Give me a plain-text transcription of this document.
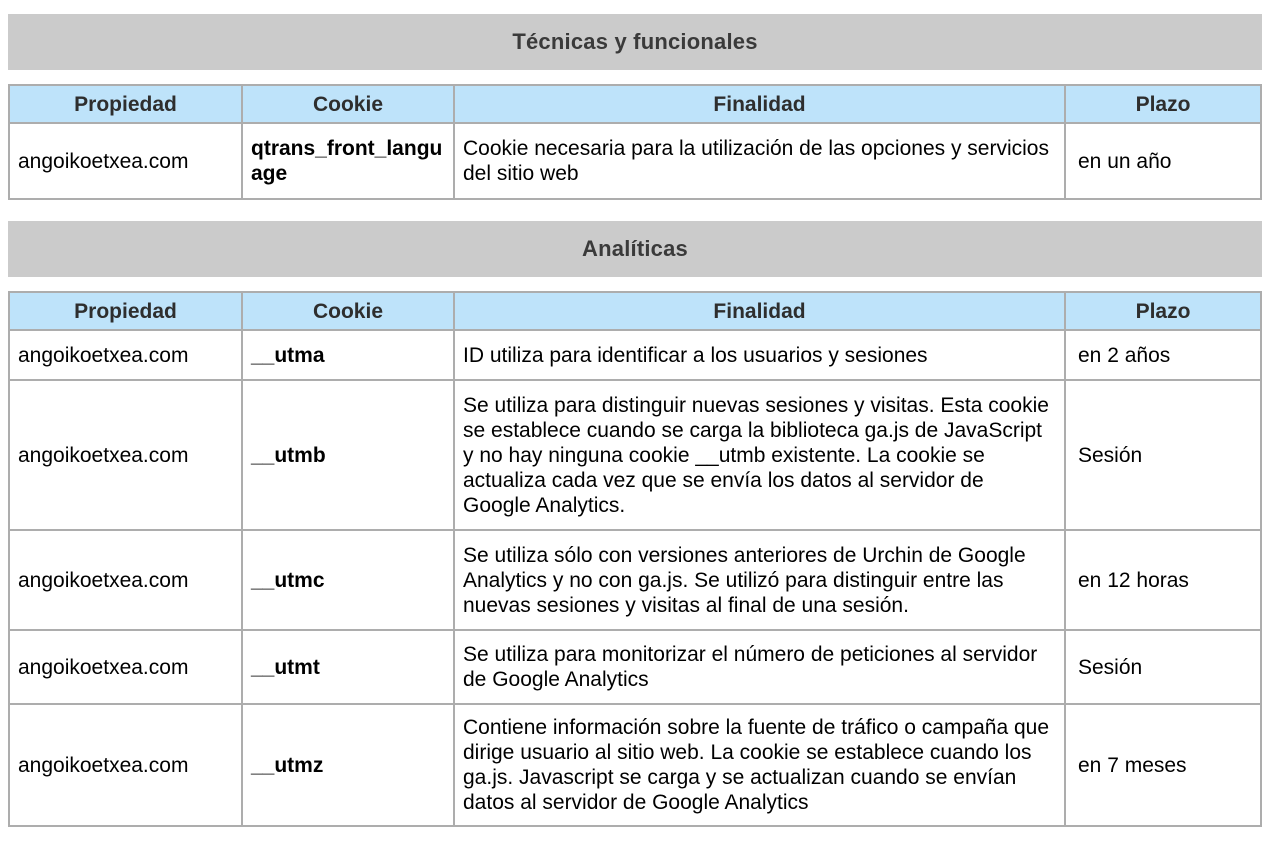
Técnicas y funcionales
Propiedad	Cookie	Finalidad	Plazo
angoikoetxea.com	qtrans_front_language	Cookie necesaria para la utilización de las opciones y servicios del sitio web	en un año
Analíticas
Propiedad	Cookie	Finalidad	Plazo
angoikoetxea.com	__utma	ID utiliza para identificar a los usuarios y sesiones	en 2 años
angoikoetxea.com	__utmb	Se utiliza para distinguir nuevas sesiones y visitas. Esta cookie se establece cuando se carga la biblioteca ga.js de JavaScript y no hay ninguna cookie __utmb existente. La cookie se actualiza cada vez que se envía los datos al servidor de Google Analytics.	Sesión
angoikoetxea.com	__utmc	Se utiliza sólo con versiones anteriores de Urchin de Google Analytics y no con ga.js. Se utilizó para distinguir entre las nuevas sesiones y visitas al final de una sesión.	en 12 horas
angoikoetxea.com	__utmt	Se utiliza para monitorizar el número de peticiones al servidor de Google Analytics	Sesión
angoikoetxea.com	__utmz	Contiene información sobre la fuente de tráfico o campaña que dirige usuario al sitio web. La cookie se establece cuando los ga.js. Javascript se carga y se actualizan cuando se envían datos al servidor de Google Analytics	en 7 meses
